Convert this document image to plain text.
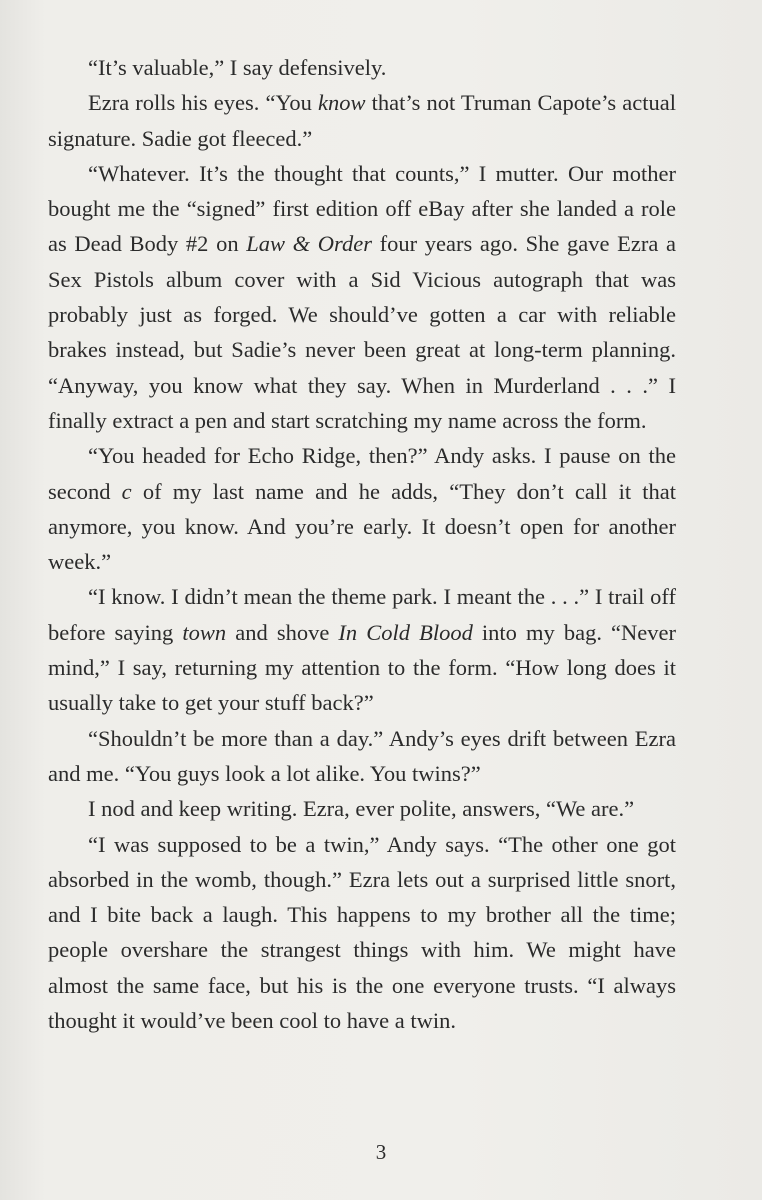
“It’s valuable,” I say defensively.

Ezra rolls his eyes. “You know that’s not Truman Capote’s actual signature. Sadie got fleeced.”

“Whatever. It’s the thought that counts,” I mutter. Our mother bought me the “signed” first edition off eBay after she landed a role as Dead Body #2 on Law & Order four years ago. She gave Ezra a Sex Pistols album cover with a Sid Vicious autograph that was probably just as forged. We should’ve gotten a car with reliable brakes instead, but Sadie’s never been great at long-term planning. “Anyway, you know what they say. When in Murderland . . .” I finally extract a pen and start scratching my name across the form.

“You headed for Echo Ridge, then?” Andy asks. I pause on the second c of my last name and he adds, “They don’t call it that anymore, you know. And you’re early. It doesn’t open for another week.”

“I know. I didn’t mean the theme park. I meant the . . .” I trail off before saying town and shove In Cold Blood into my bag. “Never mind,” I say, returning my attention to the form. “How long does it usually take to get your stuff back?”

“Shouldn’t be more than a day.” Andy’s eyes drift between Ezra and me. “You guys look a lot alike. You twins?”

I nod and keep writing. Ezra, ever polite, answers, “We are.”

“I was supposed to be a twin,” Andy says. “The other one got absorbed in the womb, though.” Ezra lets out a surprised little snort, and I bite back a laugh. This happens to my brother all the time; people overshare the strangest things with him. We might have almost the same face, but his is the one everyone trusts. “I always thought it would’ve been cool to have a twin.

3
